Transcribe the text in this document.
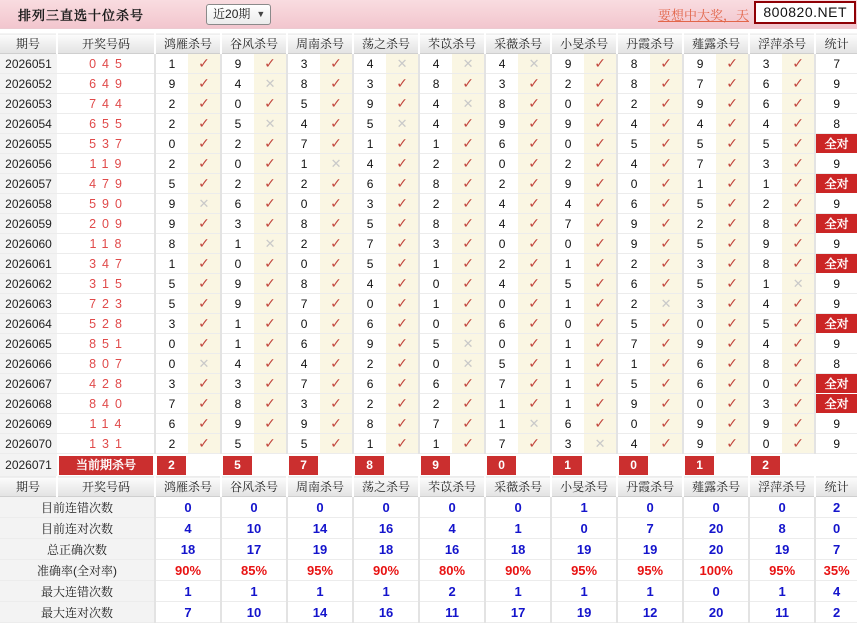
排列三直选十位杀号	近20期 ▼	要想中大奖，天	800820.NET
期号	开奖号码	鸿雁杀号		谷风杀号		周南杀号		荡之杀号		芣苡杀号		采薇杀号		小旻杀号		丹霞杀号		薤露杀号		浮萍杀号		统计
2026051	045	1	✓	9	✓	3	✓	4	✕	4	✕	4	✕	9	✓	8	✓	9	✓	3	✓	7
2026052	649	9	✓	4	✕	8	✓	3	✓	8	✓	3	✓	2	✓	8	✓	7	✓	6	✓	9
2026053	744	2	✓	0	✓	5	✓	9	✓	4	✕	8	✓	0	✓	2	✓	9	✓	6	✓	9
2026054	655	2	✓	5	✕	4	✓	5	✕	4	✓	9	✓	9	✓	4	✓	4	✓	4	✓	8
2026055	537	0	✓	2	✓	7	✓	1	✓	1	✓	6	✓	0	✓	5	✓	5	✓	5	✓	全对
2026056	119	2	✓	0	✓	1	✕	4	✓	2	✓	0	✓	2	✓	4	✓	7	✓	3	✓	9
2026057	479	5	✓	2	✓	2	✓	6	✓	8	✓	2	✓	9	✓	0	✓	1	✓	1	✓	全对
2026058	590	9	✕	6	✓	0	✓	3	✓	2	✓	4	✓	4	✓	6	✓	5	✓	2	✓	9
2026059	209	9	✓	3	✓	8	✓	5	✓	8	✓	4	✓	7	✓	9	✓	2	✓	8	✓	全对
2026060	118	8	✓	1	✕	2	✓	7	✓	3	✓	0	✓	0	✓	9	✓	5	✓	9	✓	9
2026061	347	1	✓	0	✓	0	✓	5	✓	1	✓	2	✓	1	✓	2	✓	3	✓	8	✓	全对
2026062	315	5	✓	9	✓	8	✓	4	✓	0	✓	4	✓	5	✓	6	✓	5	✓	1	✕	9
2026063	723	5	✓	9	✓	7	✓	0	✓	1	✓	0	✓	1	✓	2	✕	3	✓	4	✓	9
2026064	528	3	✓	1	✓	0	✓	6	✓	0	✓	6	✓	0	✓	5	✓	0	✓	5	✓	全对
2026065	851	0	✓	1	✓	6	✓	9	✓	5	✕	0	✓	1	✓	7	✓	9	✓	4	✓	9
2026066	807	0	✕	4	✓	4	✓	2	✓	0	✕	5	✓	1	✓	1	✓	6	✓	8	✓	8
2026067	428	3	✓	3	✓	7	✓	6	✓	6	✓	7	✓	1	✓	5	✓	6	✓	0	✓	全对
2026068	840	7	✓	8	✓	3	✓	2	✓	2	✓	1	✓	1	✓	9	✓	0	✓	3	✓	全对
2026069	114	6	✓	9	✓	9	✓	8	✓	7	✓	1	✕	6	✓	0	✓	9	✓	9	✓	9
2026070	131	2	✓	5	✓	5	✓	1	✓	1	✓	7	✓	3	✕	4	✓	9	✓	0	✓	9
2026071	当前期杀号	2		5		7		8		9		0		1		0		1		2		

期号	开奖号码	鸿雁杀号		谷风杀号		周南杀号		荡之杀号		芣苡杀号		采薇杀号		小旻杀号		丹霞杀号		薤露杀号		浮萍杀号		统计
目前连错次数		0		0		0		0		0		0		1		0		0		0		2
目前连对次数		4		10		14		16		4		1		0		7		20		8		0
总正确次数		18		17		19		18		16		18		19		19		20		19		7
准确率(全对率)		90%		85%		95%		90%		80%		90%		95%		95%		100%		95%		35%
最大连错次数		1		1		1		1		2		1		1		1		0		1		4
最大连对次数		7		10		14		16		11		17		19		12		20		11		2
